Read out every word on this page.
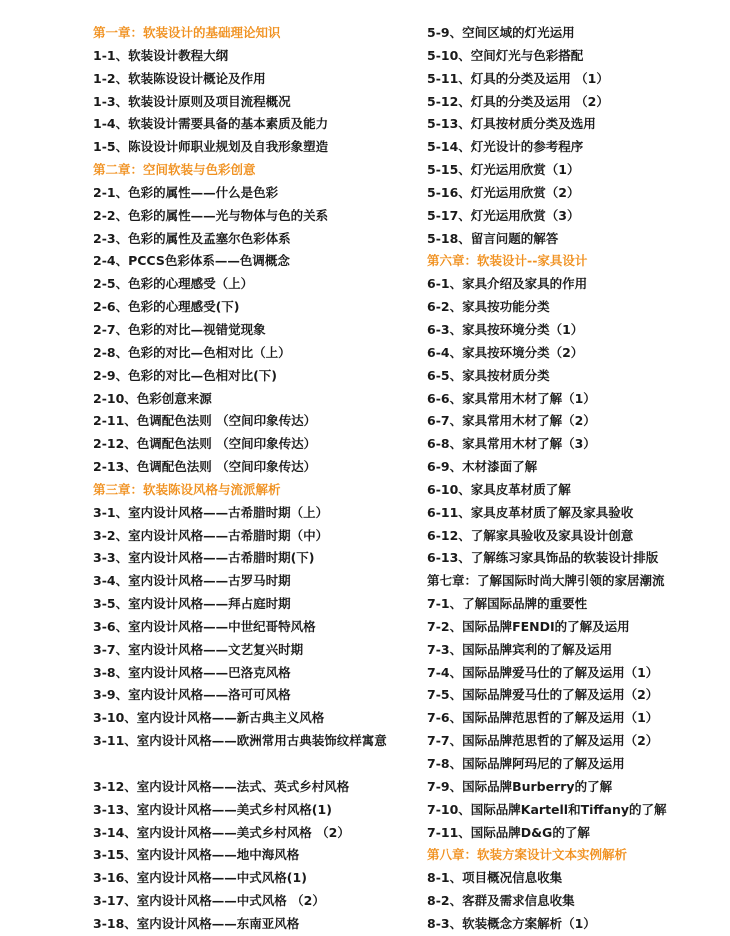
第一章：软装设计的基础理论知识
1-1、软装设计教程大纲
1-2、软装陈设设计概论及作用
1-3、软装设计原则及项目流程概况
1-4、软装设计需要具备的基本素质及能力
1-5、陈设设计师职业规划及自我形象塑造
第二章：空间软装与色彩创意
2-1、色彩的属性——什么是色彩
2-2、色彩的属性——光与物体与色的关系
2-3、色彩的属性及孟塞尔色彩体系
2-4、PCCS色彩体系——色调概念
2-5、色彩的心理感受（上）
2-6、色彩的心理感受(下)
2-7、色彩的对比—视错觉现象
2-8、色彩的对比—色相对比（上）
2-9、色彩的对比—色相对比(下)
2-10、色彩创意来源
2-11、色调配色法则 （空间印象传达）
2-12、色调配色法则 （空间印象传达）
2-13、色调配色法则 （空间印象传达）
第三章：软装陈设风格与流派解析
3-1、室内设计风格——古希腊时期（上）
3-2、室内设计风格——古希腊时期（中）
3-3、室内设计风格——古希腊时期(下)
3-4、室内设计风格——古罗马时期
3-5、室内设计风格——拜占庭时期
3-6、室内设计风格——中世纪哥特风格
3-7、室内设计风格——文艺复兴时期
3-8、室内设计风格——巴洛克风格
3-9、室内设计风格——洛可可风格
3-10、室内设计风格——新古典主义风格
3-11、室内设计风格——欧洲常用古典装饰纹样寓意
3-12、室内设计风格——法式、英式乡村风格
3-13、室内设计风格——美式乡村风格(1)
3-14、室内设计风格——美式乡村风格 （2）
3-15、室内设计风格——地中海风格
3-16、室内设计风格——中式风格(1)
3-17、室内设计风格——中式风格 （2）
3-18、室内设计风格——东南亚风格
5-9、空间区域的灯光运用
5-10、空间灯光与色彩搭配
5-11、灯具的分类及运用 （1）
5-12、灯具的分类及运用 （2）
5-13、灯具按材质分类及选用
5-14、灯光设计的参考程序
5-15、灯光运用欣赏（1）
5-16、灯光运用欣赏（2）
5-17、灯光运用欣赏（3）
5-18、留言问题的解答
第六章：软装设计--家具设计
6-1、家具介绍及家具的作用
6-2、家具按功能分类
6-3、家具按环境分类（1）
6-4、家具按环境分类（2）
6-5、家具按材质分类
6-6、家具常用木材了解（1）
6-7、家具常用木材了解（2）
6-8、家具常用木材了解（3）
6-9、木材漆面了解
6-10、家具皮革材质了解
6-11、家具皮革材质了解及家具验收
6-12、了解家具验收及家具设计创意
6-13、了解练习家具饰品的软装设计排版
第七章：了解国际时尚大牌引领的家居潮流
7-1、了解国际品牌的重要性
7-2、国际品牌FENDI的了解及运用
7-3、国际品牌宾利的了解及运用
7-4、国际品牌爱马仕的了解及运用（1）
7-5、国际品牌爱马仕的了解及运用（2）
7-6、国际品牌范思哲的了解及运用（1）
7-7、国际品牌范思哲的了解及运用（2）
7-8、国际品牌阿玛尼的了解及运用
7-9、国际品牌Burberry的了解
7-10、国际品牌Kartell和Tiffany的了解
7-11、国际品牌D&G的了解
第八章：软装方案设计文本实例解析
8-1、项目概况信息收集
8-2、客群及需求信息收集
8-3、软装概念方案解析（1）
